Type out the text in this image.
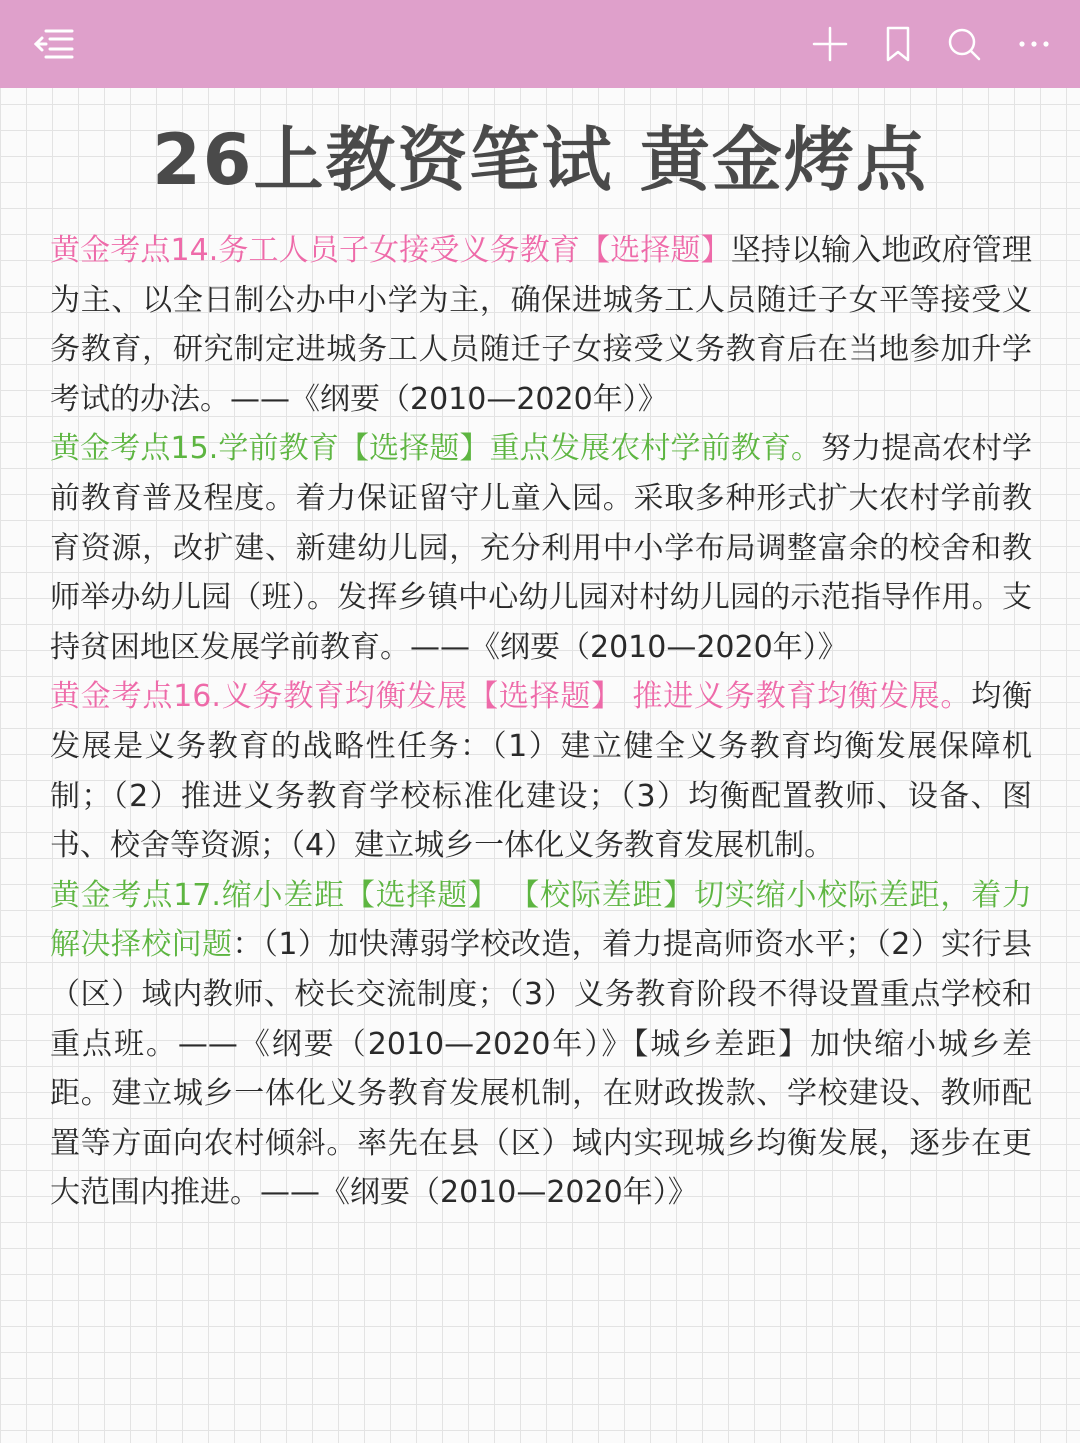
26上教资笔试 黄金烤点

黄金考点14.务工人员子女接受义务教育【选择题】坚持以输入地政府管理为主、以全日制公办中小学为主，确保进城务工人员随迁子女平等接受义务教育，研究制定进城务工人员随迁子女接受义务教育后在当地参加升学考试的办法。——《纲要（2010—2020年）》

黄金考点15.学前教育【选择题】重点发展农村学前教育。努力提高农村学前教育普及程度。着力保证留守儿童入园。采取多种形式扩大农村学前教育资源，改扩建、新建幼儿园，充分利用中小学布局调整富余的校舍和教师举办幼儿园（班）。发挥乡镇中心幼儿园对村幼儿园的示范指导作用。支持贫困地区发展学前教育。——《纲要（2010—2020年）》

黄金考点16.义务教育均衡发展【选择题】 推进义务教育均衡发展。均衡发展是义务教育的战略性任务：（1）建立健全义务教育均衡发展保障机制；（2）推进义务教育学校标准化建设；（3）均衡配置教师、设备、图书、校舍等资源；（4）建立城乡一体化义务教育发展机制。

黄金考点17.缩小差距【选择题】 【校际差距】切实缩小校际差距，着力解决择校问题：（1）加快薄弱学校改造，着力提高师资水平；（2）实行县（区）域内教师、校长交流制度；（3）义务教育阶段不得设置重点学校和重点班。——《纲要（2010—2020年）》【城乡差距】加快缩小城乡差距。建立城乡一体化义务教育发展机制，在财政拨款、学校建设、教师配置等方面向农村倾斜。率先在县（区）域内实现城乡均衡发展，逐步在更大范围内推进。——《纲要（2010—2020年）》
